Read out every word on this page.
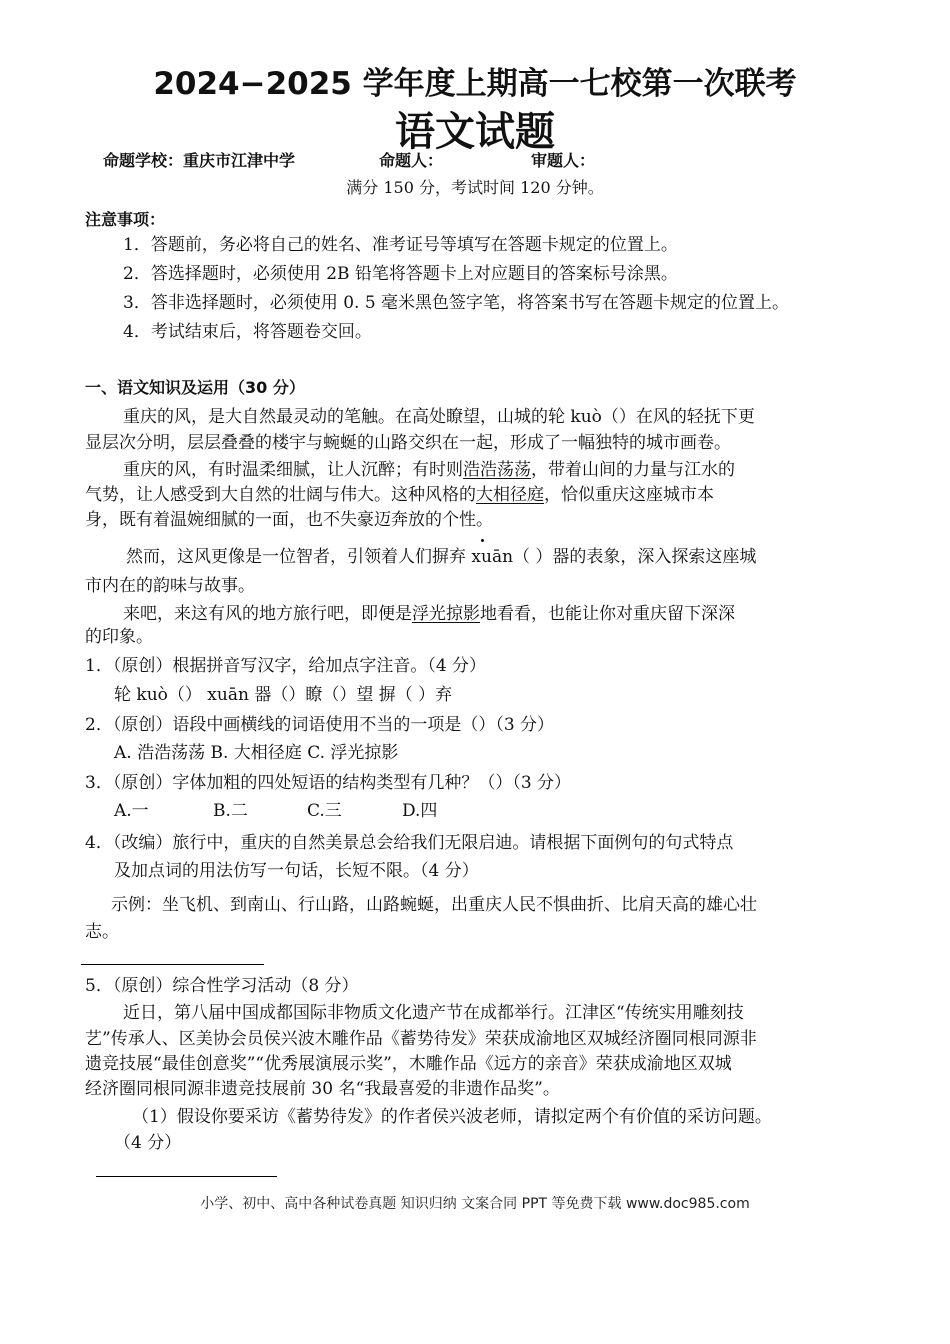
2024−2025 学年度上期高一七校第一次联考
语文试题
命题学校：重庆市江津中学	命题人：	审题人：
满分 150 分，考试时间 120 分钟。
注意事项：
1．答题前，务必将自己的姓名、准考证号等填写在答题卡规定的位置上。
2．答选择题时，必须使用 2B 铅笔将答题卡上对应题目的答案标号涂黑。
3．答非选择题时，必须使用 0. 5 毫米黑色签字笔，将答案书写在答题卡规定的位置上。
4．考试结束后，将答题卷交回。
一、语文知识及运用（30 分）
重庆的风，是大自然最灵动的笔触。在高处瞭望，山城的轮 kuò（）在风的轻抚下更
显层次分明，层层叠叠的楼宇与蜿蜒的山路交织在一起，形成了一幅独特的城市画卷。
重庆的风，有时温柔细腻，让人沉醉；有时则浩浩荡荡，带着山间的力量与江水的
气势，让人感受到大自然的壮阔与伟大。这种风格的大相径庭，恰似重庆这座城市本
身，既有着温婉细腻的一面，也不失豪迈奔放的个性。
然而，这风更像是一位智者，引领着人们摒弃 xuān（ ）器的表象，深入探索这座城
市内在的韵味与故事。
来吧，来这有风的地方旅行吧，即便是浮光掠影地看看，也能让你对重庆留下深深
的印象。
1．（原创）根据拼音写汉字，给加点字注音。（4 分）
轮 kuò（） xuān 器（）瞭（）望 摒（ ）弃
2．（原创）语段中画横线的词语使用不当的一项是（）（3 分）
A. 浩浩荡荡 B. 大相径庭 C. 浮光掠影
3．（原创）字体加粗的四处短语的结构类型有几种？（）（3 分）
A.一	B.二	C.三	D.四
4．（改编）旅行中，重庆的自然美景总会给我们无限启迪。请根据下面例句的句式特点
及加点词的用法仿写一句话，长短不限。（4 分）
示例：坐飞机、到南山、行山路，山路蜿蜒，出重庆人民不惧曲折、比肩天高的雄心壮
志。
5．（原创）综合性学习活动（8 分）
近日，第八届中国成都国际非物质文化遗产节在成都举行。江津区“传统实用雕刻技
艺”传承人、区美协会员侯兴波木雕作品《蓄势待发》荣获成渝地区双城经济圈同根同源非
遗竞技展“最佳创意奖”“优秀展演展示奖”，木雕作品《远方的亲音》荣获成渝地区双城
经济圈同根同源非遗竞技展前 30 名“我最喜爱的非遗作品奖”。
（1）假设你要采访《蓄势待发》的作者侯兴波老师，请拟定两个有价值的采访问题。
（4 分）
小学、初中、高中各种试卷真题 知识归纳 文案合同 PPT 等免费下载 www.doc985.com
